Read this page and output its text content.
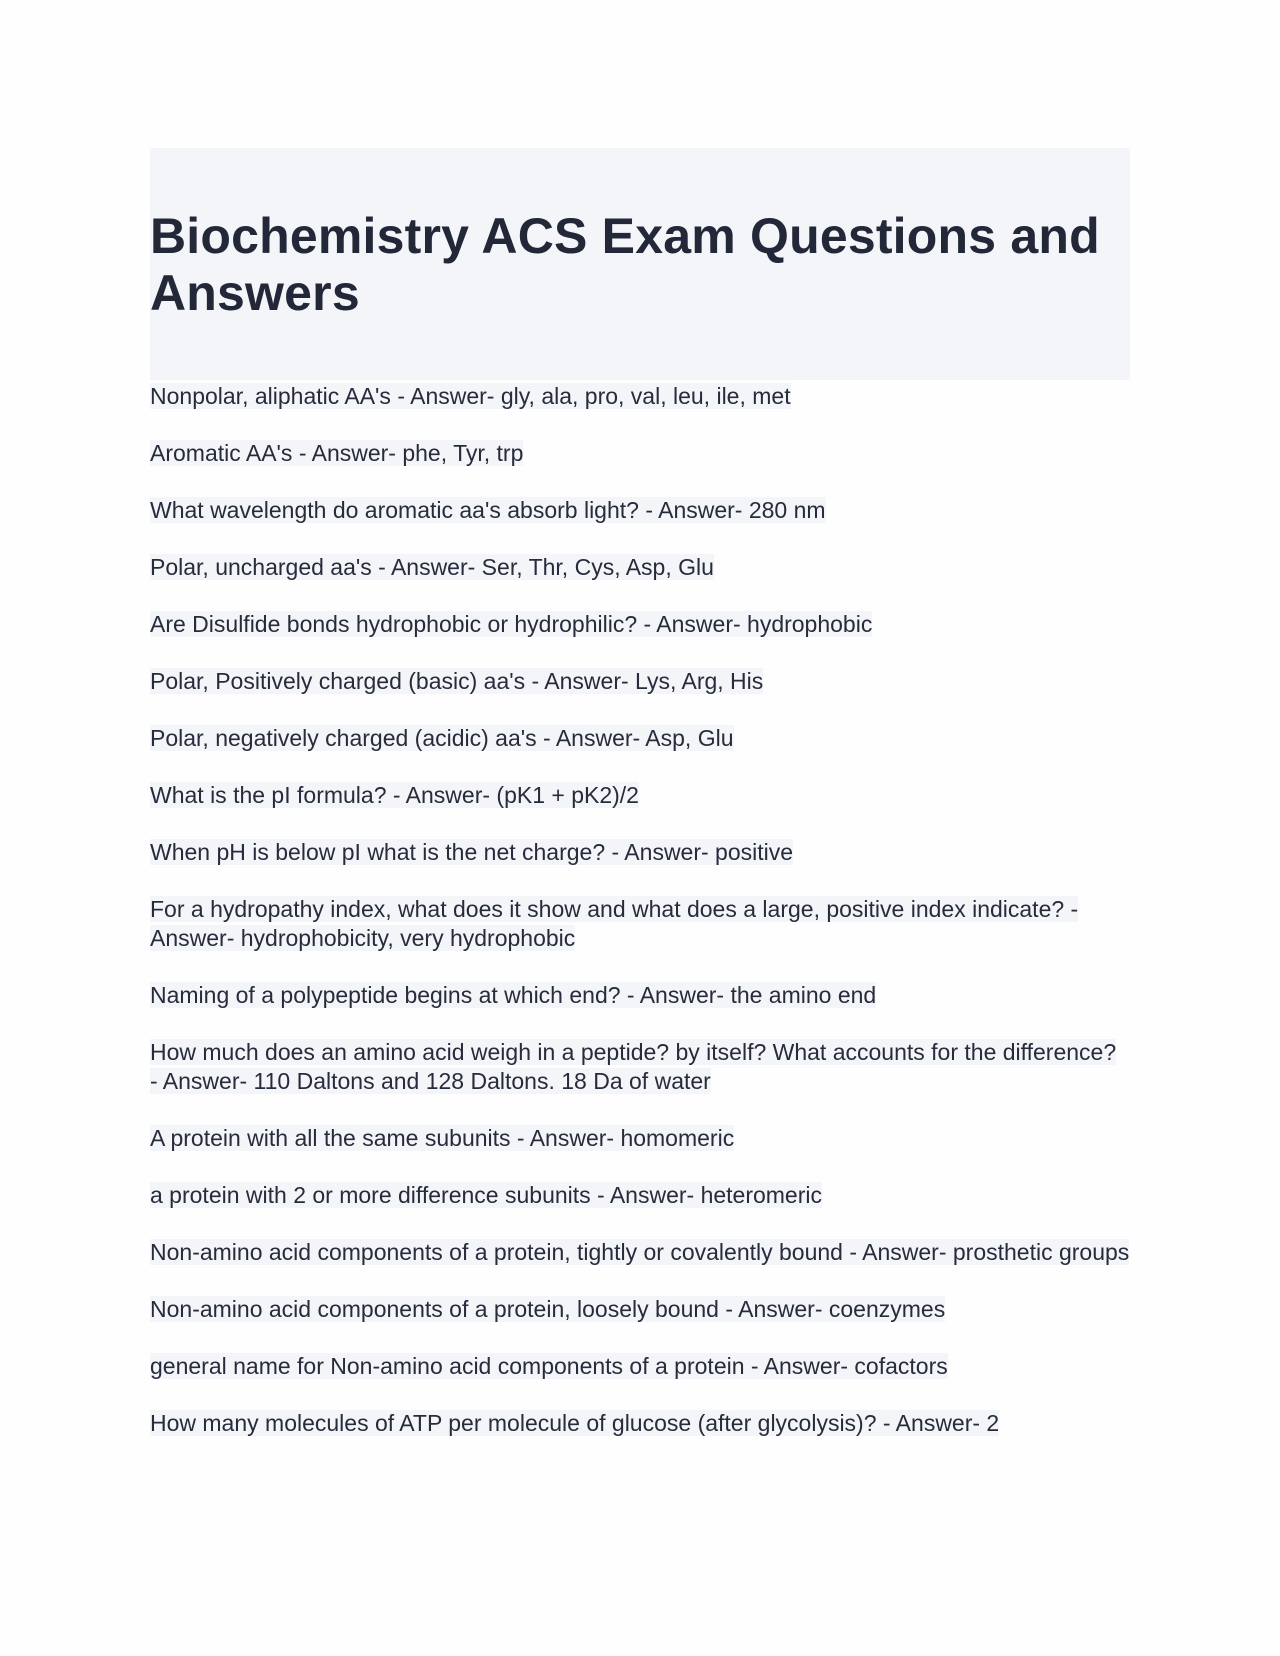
Biochemistry ACS Exam Questions and Answers
Nonpolar, aliphatic AA's - Answer- gly, ala, pro, val, leu, ile, met
Aromatic AA's - Answer- phe, Tyr, trp
What wavelength do aromatic aa's absorb light? - Answer- 280 nm
Polar, uncharged aa's - Answer- Ser, Thr, Cys, Asp, Glu
Are Disulfide bonds hydrophobic or hydrophilic? - Answer- hydrophobic
Polar, Positively charged (basic) aa's - Answer- Lys, Arg, His
Polar, negatively charged (acidic) aa's - Answer- Asp, Glu
What is the pI formula? - Answer- (pK1 + pK2)/2
When pH is below pI what is the net charge? - Answer- positive
For a hydropathy index, what does it show and what does a large, positive index indicate? - Answer- hydrophobicity, very hydrophobic
Naming of a polypeptide begins at which end? - Answer- the amino end
How much does an amino acid weigh in a peptide? by itself? What accounts for the difference? - Answer- 110 Daltons and 128 Daltons. 18 Da of water
A protein with all the same subunits - Answer- homomeric
a protein with 2 or more difference subunits - Answer- heteromeric
Non-amino acid components of a protein, tightly or covalently bound - Answer- prosthetic groups
Non-amino acid components of a protein, loosely bound - Answer- coenzymes
general name for Non-amino acid components of a protein - Answer- cofactors
How many molecules of ATP per molecule of glucose (after glycolysis)? - Answer- 2
